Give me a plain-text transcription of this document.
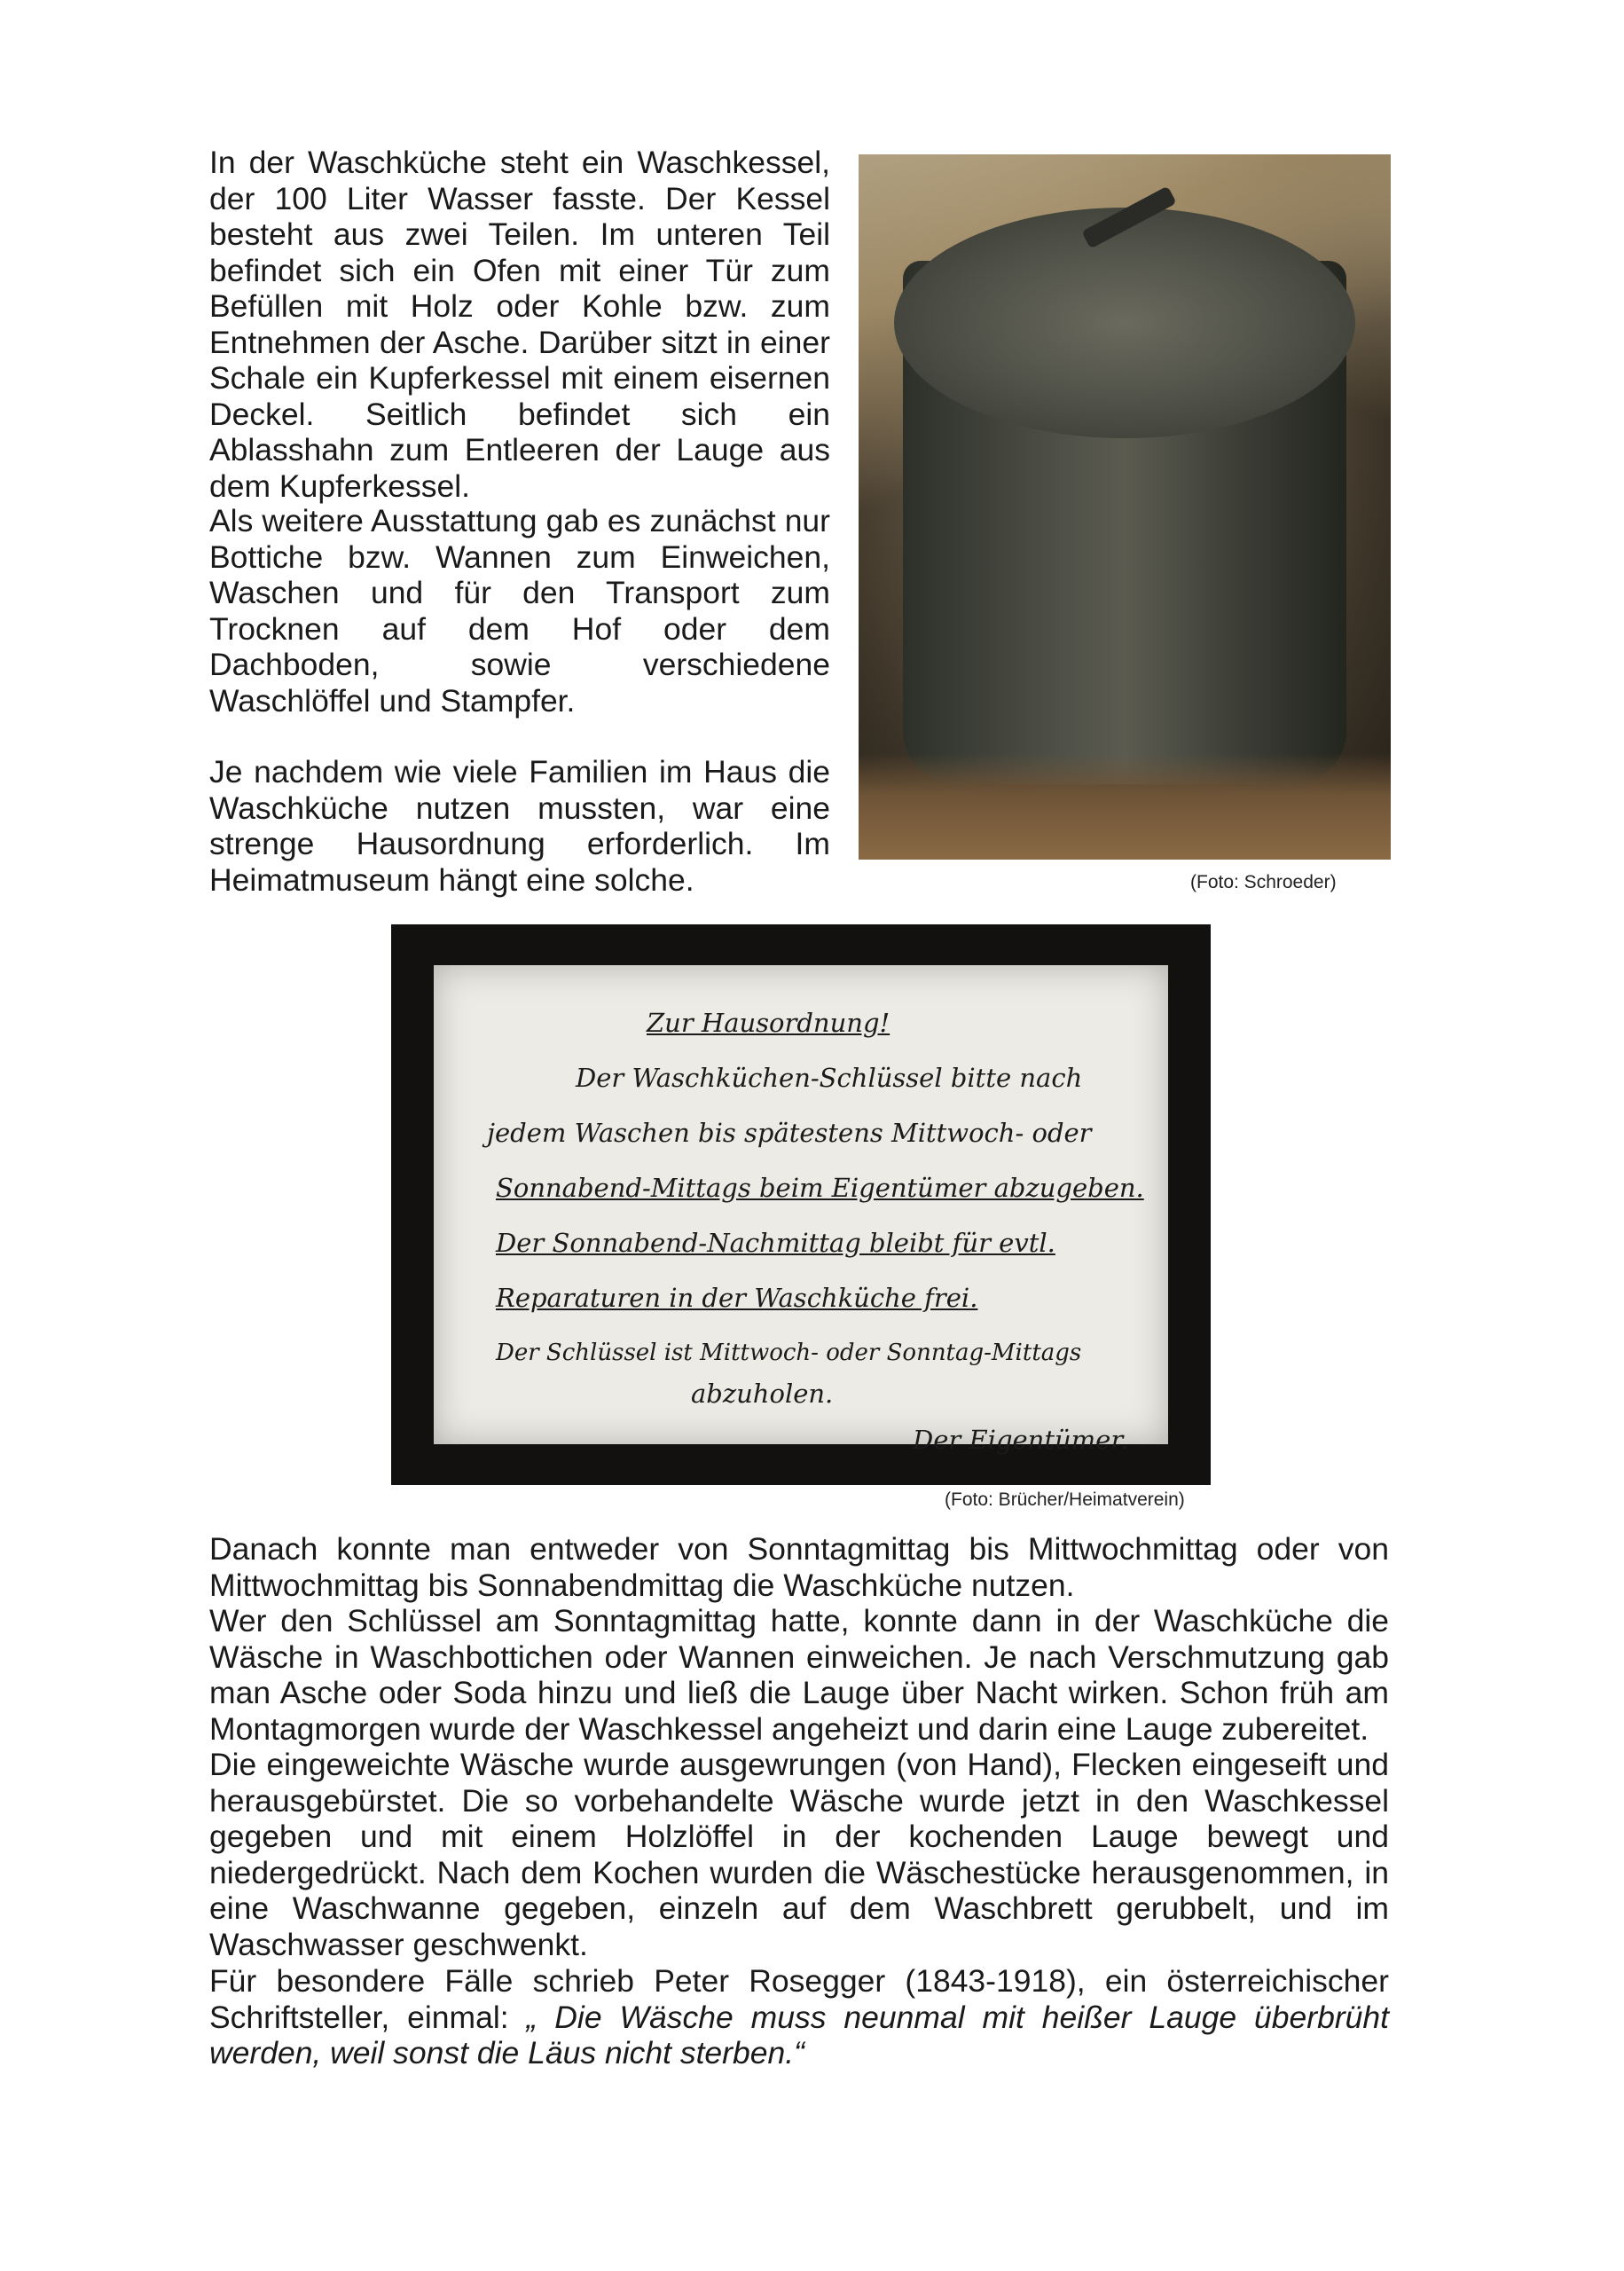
In der Waschküche steht ein Waschkessel, der 100 Liter Wasser fasste. Der Kessel besteht aus zwei Teilen. Im unteren Teil befindet sich ein Ofen mit einer Tür zum Befüllen mit Holz oder Kohle bzw. zum Entnehmen der Asche. Darüber sitzt in einer Schale ein Kupferkessel mit einem eisernen Deckel. Seitlich befindet sich ein Ablasshahn zum Entleeren der Lauge aus dem Kupferkessel.

Als weitere Ausstattung gab es zunächst nur Bottiche bzw. Wannen zum Einweichen, Waschen und für den Transport zum Trocknen auf dem Hof oder dem Dachboden, sowie verschiedene Waschlöffel und Stampfer.

Je nachdem wie viele Familien im Haus die Waschküche nutzen mussten, war eine strenge Hausordnung erforderlich. Im Heimatmuseum hängt eine solche.	(Foto: Schroeder)

Zur Hausordnung!
Der Waschküchen-Schlüssel bitte nach
jedem Waschen bis spätestens Mittwoch- oder
Sonnabend-Mittags beim Eigentümer abzugeben.
Der Sonnabend-Nachmittag bleibt für evtl.
Reparaturen in der Waschküche frei.
Der Schlüssel ist Mittwoch- oder Sonntag-Mittags
abzuholen.
Der Eigentümer.

(Foto: Brücher/Heimatverein)

Danach konnte man entweder von Sonntagmittag bis Mittwochmittag oder von Mittwochmittag bis Sonnabendmittag die Waschküche nutzen.

Wer den Schlüssel am Sonntagmittag hatte, konnte dann in der Waschküche die Wäsche in Waschbottichen oder Wannen einweichen. Je nach Verschmutzung gab man Asche oder Soda hinzu und ließ die Lauge über Nacht wirken. Schon früh am Montagmorgen wurde der Waschkessel angeheizt und darin eine Lauge zubereitet.

Die eingeweichte Wäsche wurde ausgewrungen (von Hand), Flecken eingeseift und herausgebürstet. Die so vorbehandelte Wäsche wurde jetzt in den Waschkessel gegeben und mit einem Holzlöffel in der kochenden Lauge bewegt und niedergedrückt. Nach dem Kochen wurden die Wäschestücke herausgenommen, in eine Waschwanne gegeben, einzeln auf dem Waschbrett gerubbelt, und im Waschwasser geschwenkt.

Für besondere Fälle schrieb Peter Rosegger (1843-1918), ein österreichischer Schriftsteller, einmal: „ Die Wäsche muss neunmal mit heißer Lauge überbrüht werden, weil sonst die Läus nicht sterben.“
